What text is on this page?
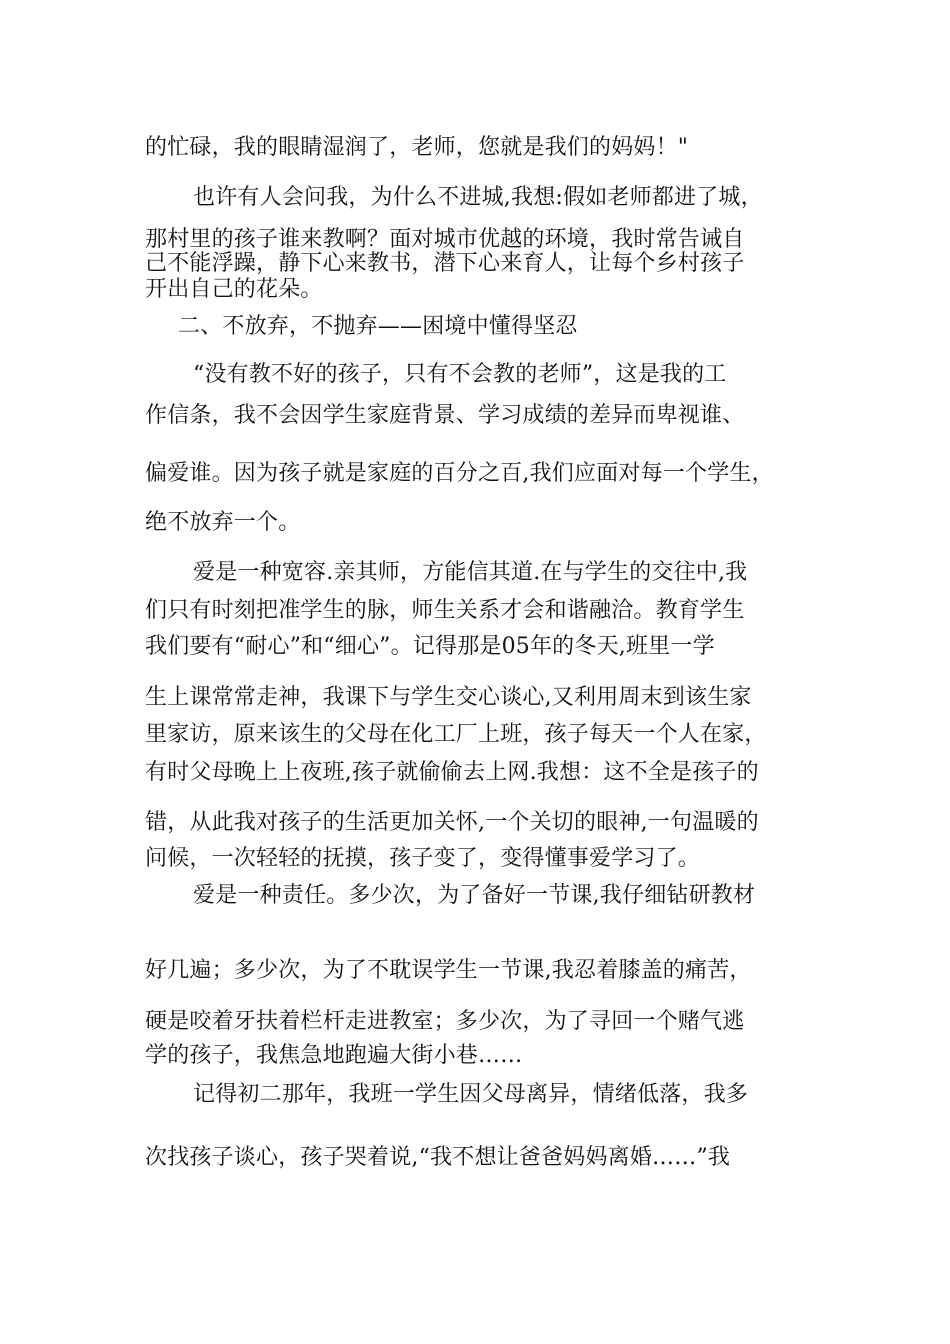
的忙碌，我的眼睛湿润了，老师，您就是我们的妈妈！"
也许有人会问我，为什么不进城,我想:假如老师都进了城，
那村里的孩子谁来教啊？面对城市优越的环境，我时常告诫自
己不能浮躁，静下心来教书，潜下心来育人，让每个乡村孩子
开出自己的花朵。
二、不放弃，不抛弃——困境中懂得坚忍
“没有教不好的孩子，只有不会教的老师”，这是我的工
作信条，我不会因学生家庭背景、学习成绩的差异而卑视谁、
偏爱谁。因为孩子就是家庭的百分之百,我们应面对每一个学生，
绝不放弃一个。
爱是一种宽容.亲其师，方能信其道.在与学生的交往中,我
们只有时刻把准学生的脉，师生关系才会和谐融洽。教育学生
我们要有“耐心”和“细心”。记得那是05年的冬天,班里一学
生上课常常走神，我课下与学生交心谈心,又利用周末到该生家
里家访，原来该生的父母在化工厂上班，孩子每天一个人在家，
有时父母晚上上夜班,孩子就偷偷去上网.我想：这不全是孩子的
错，从此我对孩子的生活更加关怀,一个关切的眼神,一句温暖的
问候，一次轻轻的抚摸，孩子变了，变得懂事爱学习了。
爱是一种责任。多少次，为了备好一节课,我仔细钻研教材
好几遍；多少次，为了不耽误学生一节课,我忍着膝盖的痛苦，
硬是咬着牙扶着栏杆走进教室；多少次，为了寻回一个赌气逃
学的孩子，我焦急地跑遍大街小巷……
记得初二那年，我班一学生因父母离异，情绪低落，我多
次找孩子谈心，孩子哭着说,“我不想让爸爸妈妈离婚……”我
